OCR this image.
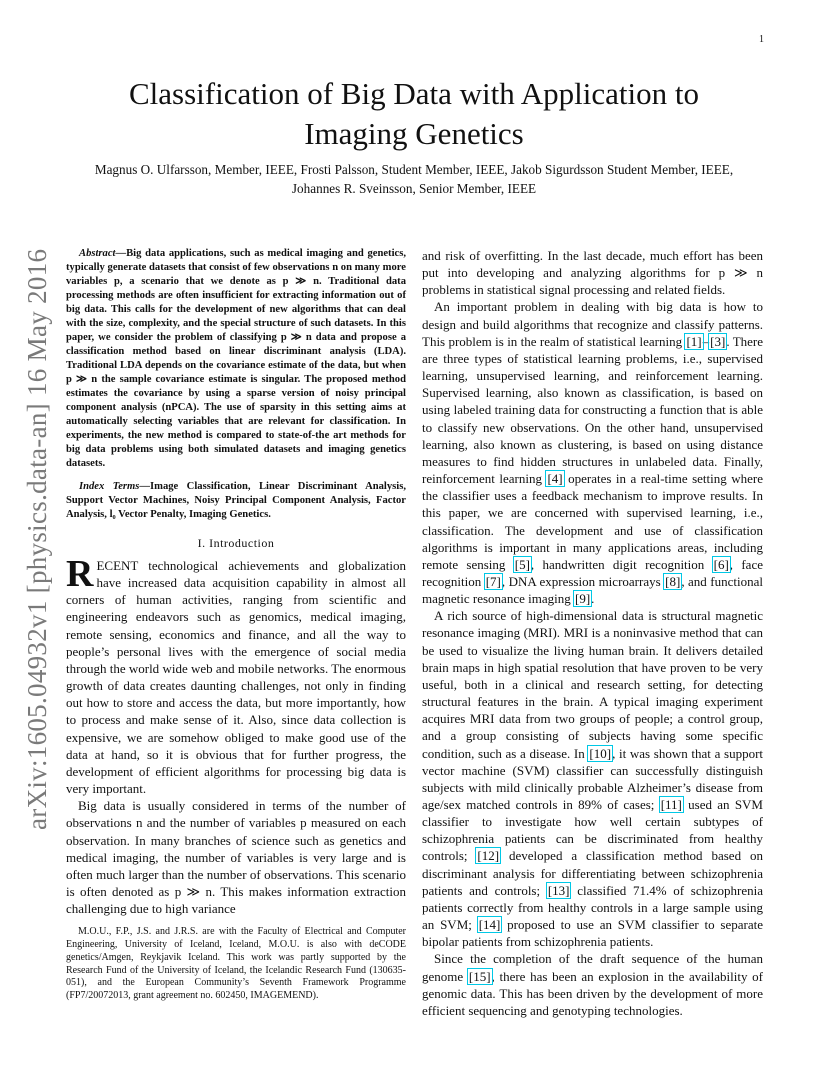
1
arXiv:1605.04932v1 [physics.data-an] 16 May 2016
Classification of Big Data with Application to Imaging Genetics
Magnus O. Ulfarsson, Member, IEEE, Frosti Palsson, Student Member, IEEE, Jakob Sigurdsson Student Member, IEEE, Johannes R. Sveinsson, Senior Member, IEEE

Abstract—Big data applications, such as medical imaging and genetics, typically generate datasets that consist of few observations n on many more variables p, a scenario that we denote as p ≫ n. Traditional data processing methods are often insufficient for extracting information out of big data. This calls for the development of new algorithms that can deal with the size, complexity, and the special structure of such datasets. In this paper, we consider the problem of classifying p ≫ n data and propose a classification method based on linear discriminant analysis (LDA). Traditional LDA depends on the covariance estimate of the data, but when p ≫ n the sample covariance estimate is singular. The proposed method estimates the covariance by using a sparse version of noisy principal component analysis (nPCA). The use of sparsity in this setting aims at automatically selecting variables that are relevant for classification. In experiments, the new method is compared to state-of-the art methods for big data problems using both simulated datasets and imaging genetics datasets.

Index Terms—Image Classification, Linear Discriminant Analysis, Support Vector Machines, Noisy Principal Component Analysis, Factor Analysis, l₀ Vector Penalty, Imaging Genetics.

I. Introduction

RECENT technological achievements and globalization have increased data acquisition capability in almost all corners of human activities, ranging from scientific and engineering endeavors such as genomics, medical imaging, remote sensing, economics and finance, and all the way to people’s personal lives with the emergence of social media through the world wide web and mobile networks. The enormous growth of data creates daunting challenges, not only in finding out how to store and access the data, but more importantly, how to process and make sense of it. Also, since data collection is expensive, we are somehow obliged to make good use of the data at hand, so it is obvious that for further progress, the development of efficient algorithms for processing big data is very important.

Big data is usually considered in terms of the number of observations n and the number of variables p measured on each observation. In many branches of science such as genetics and medical imaging, the number of variables is very large and is often much larger than the number of observations. This scenario is often denoted as p ≫ n. This makes information extraction challenging due to high variance

M.O.U., F.P., J.S. and J.R.S. are with the Faculty of Electrical and Computer Engineering, University of Iceland, Iceland, M.O.U. is also with deCODE genetics/Amgen, Reykjavik Iceland. This work was partly supported by the Research Fund of the University of Iceland, the Icelandic Research Fund (130635-051), and the European Community’s Seventh Framework Programme (FP7/20072013, grant agreement no. 602450, IMAGEMEND).

and risk of overfitting. In the last decade, much effort has been put into developing and analyzing algorithms for p ≫ n problems in statistical signal processing and related fields.

An important problem in dealing with big data is how to design and build algorithms that recognize and classify patterns. This problem is in the realm of statistical learning [1]–[3]. There are three types of statistical learning problems, i.e., supervised learning, unsupervised learning, and reinforcement learning. Supervised learning, also known as classification, is based on using labeled training data for constructing a function that is able to classify new observations. On the other hand, unsupervised learning, also known as clustering, is based on using distance measures to find hidden structures in unlabeled data. Finally, reinforcement learning [4] operates in a real-time setting where the classifier uses a feedback mechanism to improve results. In this paper, we are concerned with supervised learning, i.e., classification. The development and use of classification algorithms is important in many applications areas, including remote sensing [5], handwritten digit recognition [6], face recognition [7], DNA expression microarrays [8], and functional magnetic resonance imaging [9].

A rich source of high-dimensional data is structural magnetic resonance imaging (MRI). MRI is a noninvasive method that can be used to visualize the living human brain. It delivers detailed brain maps in high spatial resolution that have proven to be very useful, both in a clinical and research setting, for detecting structural features in the brain. A typical imaging experiment acquires MRI data from two groups of people; a control group, and a group consisting of subjects having some specific condition, such as a disease. In [10], it was shown that a support vector machine (SVM) classifier can successfully distinguish subjects with mild clinically probable Alzheimer’s disease from age/sex matched controls in 89% of cases; [11] used an SVM classifier to investigate how well certain subtypes of schizophrenia patients can be discriminated from healthy controls; [12] developed a classification method based on discriminant analysis for differentiating between schizophrenia patients and controls; [13] classified 71.4% of schizophrenia patients correctly from healthy controls in a large sample using an SVM; [14] proposed to use an SVM classifier to separate bipolar patients from schizophrenia patients.

Since the completion of the draft sequence of the human genome [15], there has been an explosion in the availability of genomic data. This has been driven by the development of more efficient sequencing and genotyping technologies.
